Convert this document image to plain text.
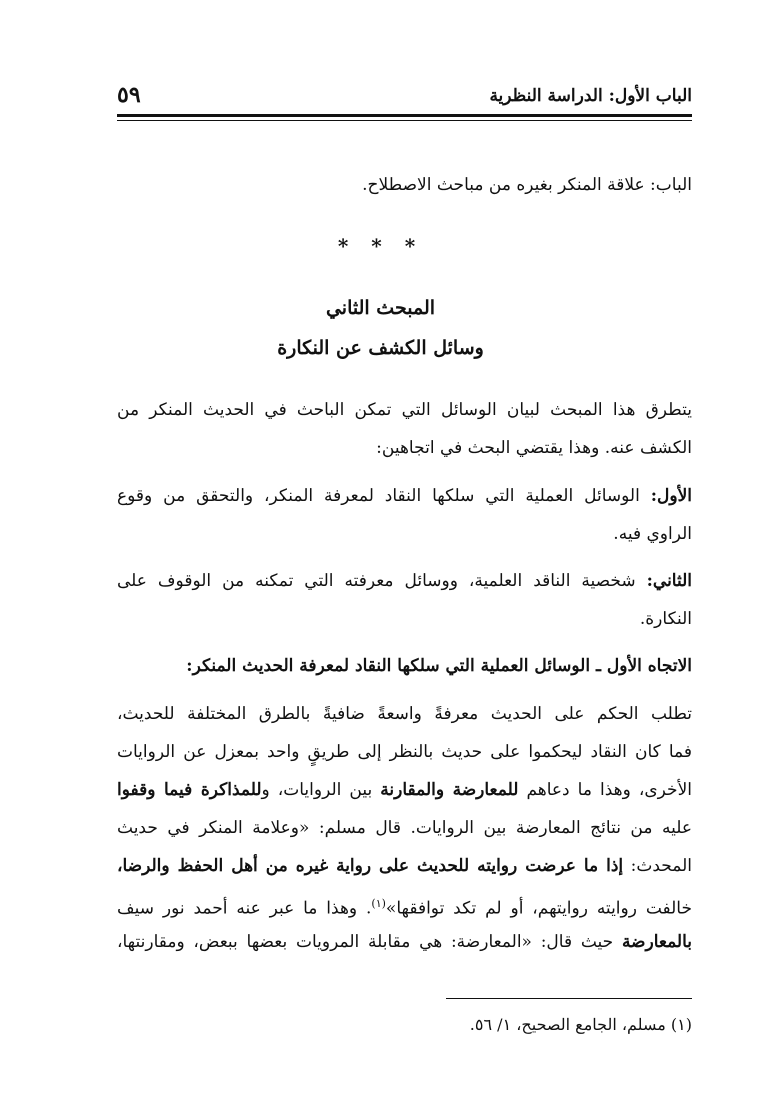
الباب الأول: الدراسة النظرية
٥٩
الباب: علاقة المنكر بغيره من مباحث الاصطلاح.
* * *
المبحث الثاني
وسائل الكشف عن النكارة
يتطرق هذا المبحث لبيان الوسائل التي تمكن الباحث في الحديث المنكر من
الكشف عنه. وهذا يقتضي البحث في اتجاهين:
الأول: الوسائل العملية التي سلكها النقاد لمعرفة المنكر، والتحقق من وقوع
الراوي فيه.
الثاني: شخصية الناقد العلمية، ووسائل معرفته التي تمكنه من الوقوف على
النكارة.
الاتجاه الأول ـ الوسائل العملية التي سلكها النقاد لمعرفة الحديث المنكر:
تطلب الحكم على الحديث معرفةً واسعةً ضافيةً بالطرق المختلفة للحديث،
فما كان النقاد ليحكموا على حديث بالنظر إلى طريقٍ واحد بمعزل عن الروايات
الأخرى، وهذا ما دعاهم للمعارضة والمقارنة بين الروايات، وللمذاكرة فيما وقفوا
عليه من نتائج المعارضة بين الروايات. قال مسلم: «وعلامة المنكر في حديث
المحدث: إذا ما عرضت روايته للحديث على رواية غيره من أهل الحفظ والرضا،
خالفت روايته روايتهم، أو لم تكد توافقها»$^{(١)}$. وهذا ما عبر عنه أحمد نور سيف
بالمعارضة حيث قال: «المعارضة: هي مقابلة المرويات بعضها ببعض، ومقارنتها،
(١) مسلم، الجامع الصحيح، ١/ ٥٦.
